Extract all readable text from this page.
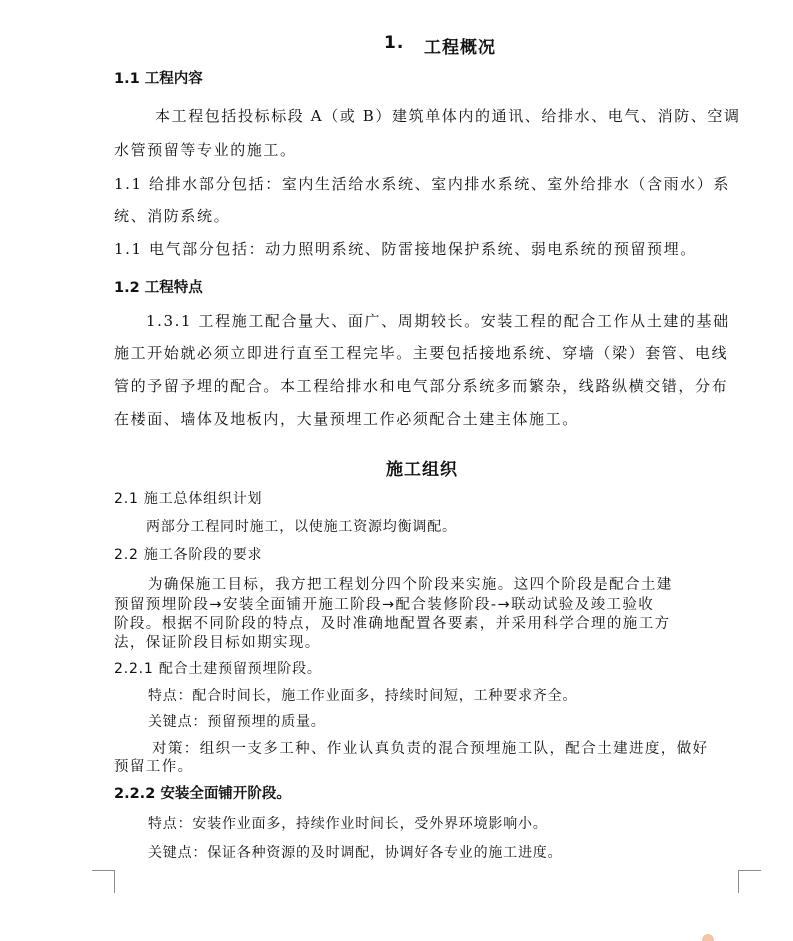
1. 工程概况
1.1 工程内容
本工程包括投标标段 A（或 B）建筑单体内的通讯、给排水、电气、消防、空调
水管预留等专业的施工。
1.1 给排水部分包括：室内生活给水系统、室内排水系统、室外给排水（含雨水）系
统、消防系统。
1.1 电气部分包括：动力照明系统、防雷接地保护系统、弱电系统的预留预埋。
1.2 工程特点
1.3.1 工程施工配合量大、面广、周期较长。安装工程的配合工作从土建的基础
施工开始就必须立即进行直至工程完毕。主要包括接地系统、穿墙（梁）套管、电线
管的予留予埋的配合。本工程给排水和电气部分系统多而繁杂，线路纵横交错，分布
在楼面、墙体及地板内，大量预埋工作必须配合土建主体施工。
施工组织
2.1 施工总体组织计划
两部分工程同时施工，以使施工资源均衡调配。
2.2 施工各阶段的要求
为确保施工目标，我方把工程划分四个阶段来实施。这四个阶段是配合土建
预留预埋阶段→安装全面铺开施工阶段→配合装修阶段-→联动试验及竣工验收
阶段。根据不同阶段的特点，及时准确地配置各要素，并采用科学合理的施工方
法，保证阶段目标如期实现。
2.2.1 配合土建预留预埋阶段。
特点：配合时间长，施工作业面多，持续时间短，工种要求齐全。
关键点：预留预埋的质量。
对策：组织一支多工种、作业认真负责的混合预埋施工队，配合土建进度，做好
预留工作。
2.2.2 安装全面铺开阶段。
特点：安装作业面多，持续作业时间长，受外界环境影响小。
关键点：保证各种资源的及时调配，协调好各专业的施工进度。
